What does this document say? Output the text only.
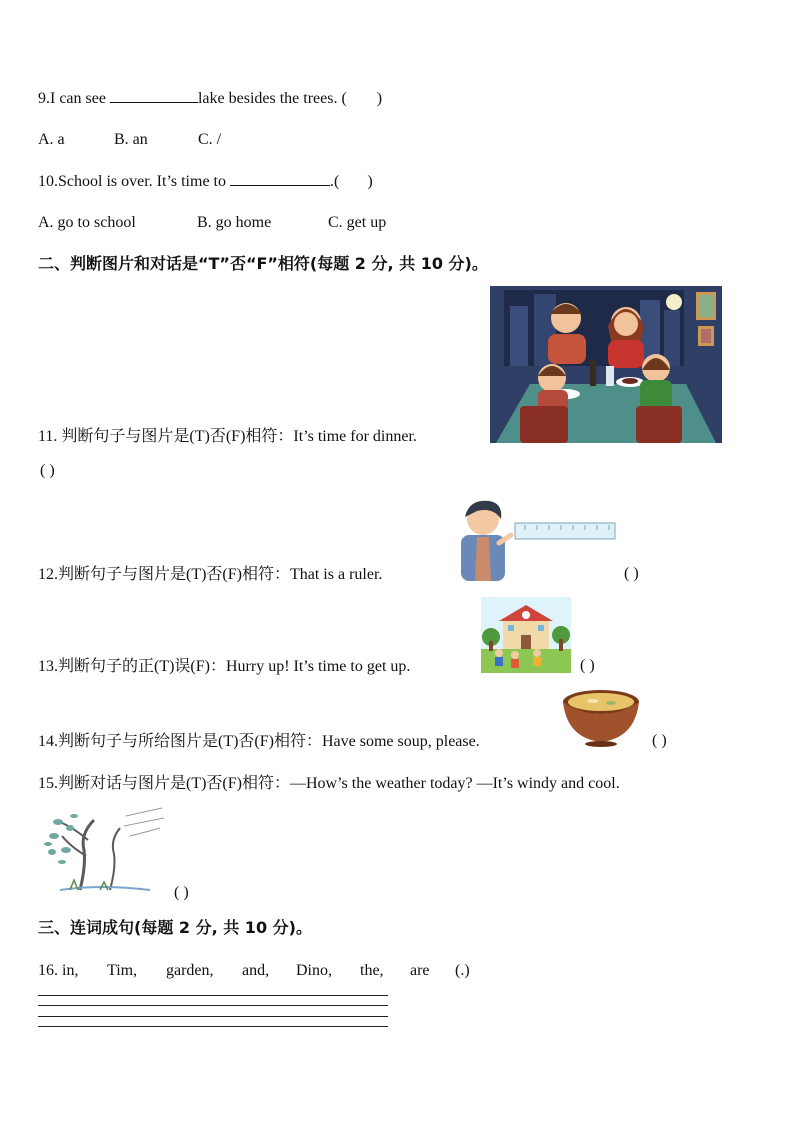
9.I can see	lake besides the trees. ( )
A. a	B. an	C. /
10.School is over. It’s time to	.( )
A. go to school	B. go home	C. get up
二、判断图片和对话是“T”否“F”相符(每题 2 分, 共 10 分)。
11. 判断句子与图片是(T)否(F)相符：It’s time for dinner.
( )
12.判断句子与图片是(T)否(F)相符：That is a ruler.	( )
13.判断句子的正(T)误(F)：Hurry up! It’s time to get up.	( )
14.判断句子与所给图片是(T)否(F)相符：Have some soup, please.	( )
15.判断对话与图片是(T)否(F)相符：—How’s the weather today? —It’s windy and cool.
( )
三、连词成句(每题 2 分, 共 10 分)。
16. in, Tim, garden, and, Dino, the, are (.)
